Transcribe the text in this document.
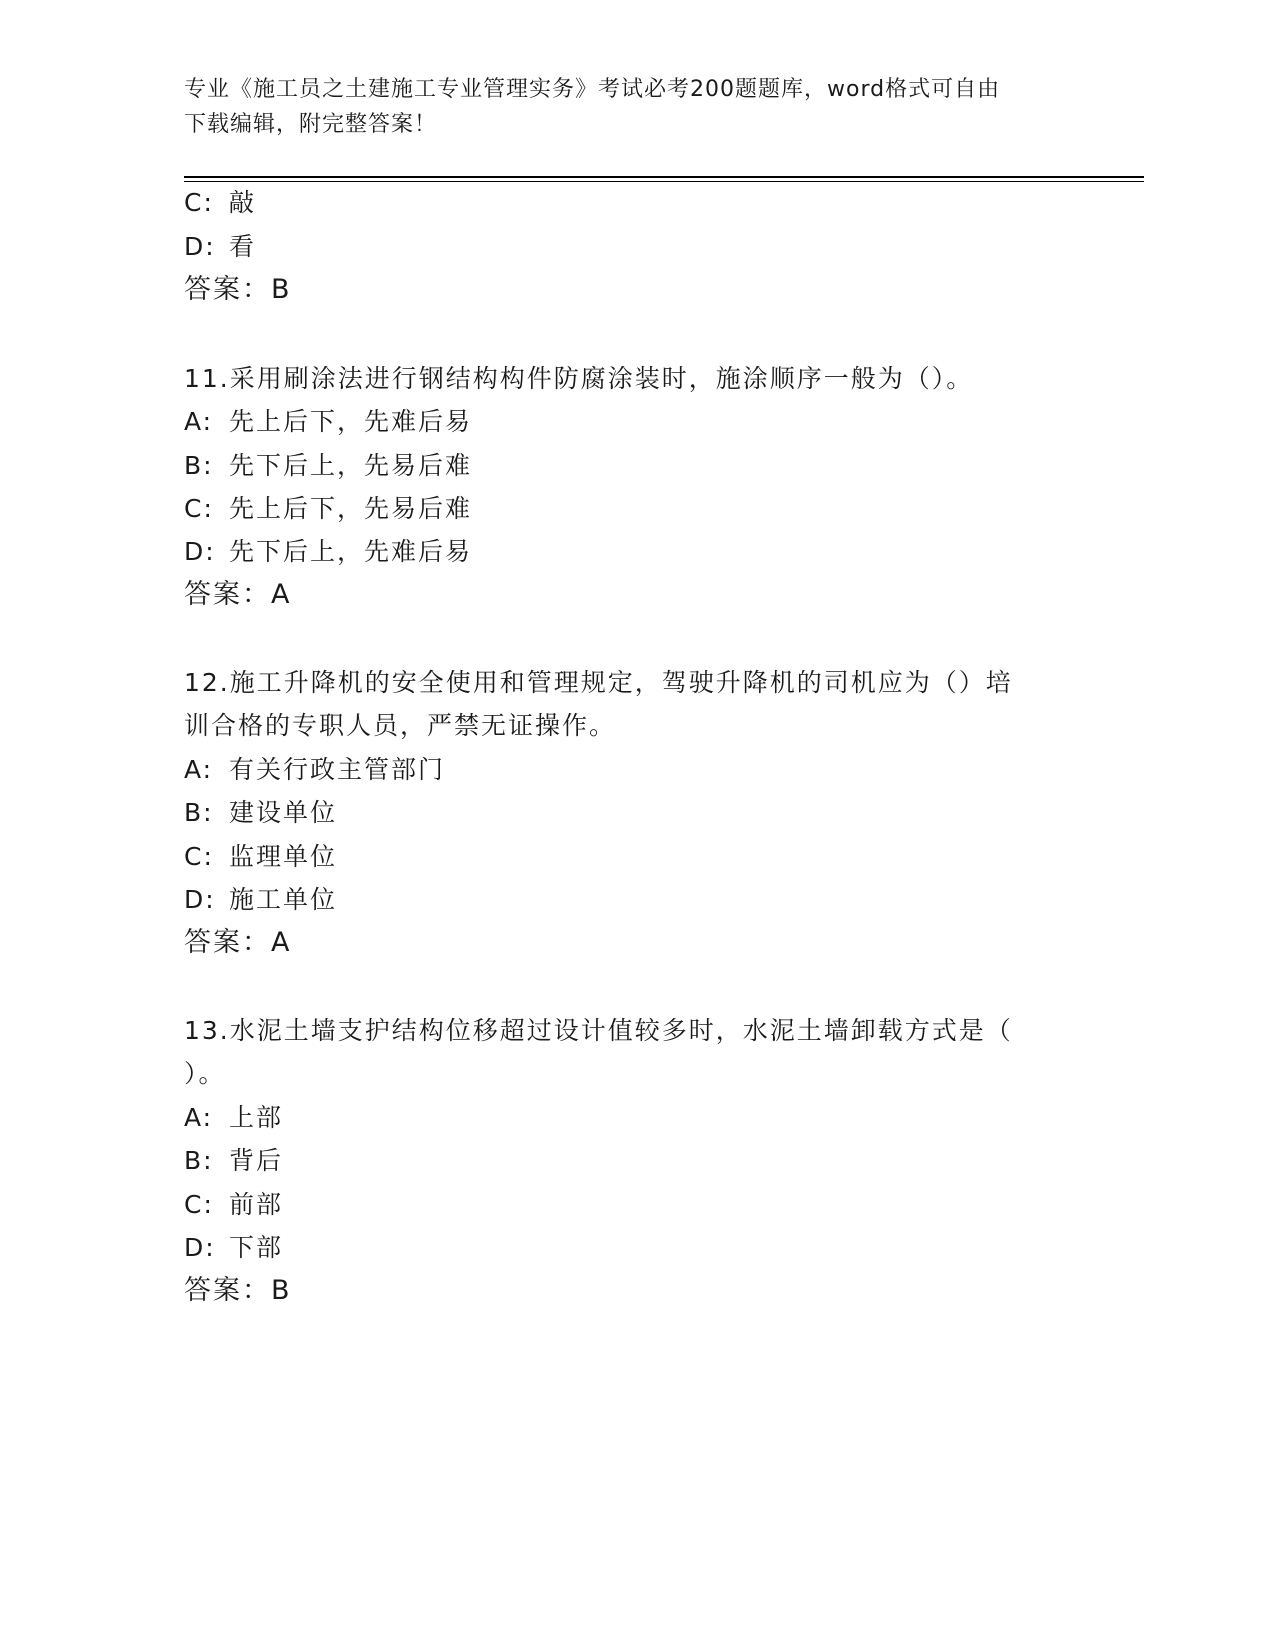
专业《施工员之土建施工专业管理实务》考试必考200题题库，word格式可自由
下载编辑，附完整答案！
C: 敲
D: 看
答案：B
11.采用刷涂法进行钢结构构件防腐涂装时，施涂顺序一般为（）。
A: 先上后下，先难后易
B: 先下后上，先易后难
C: 先上后下，先易后难
D: 先下后上，先难后易
答案：A
12.施工升降机的安全使用和管理规定，驾驶升降机的司机应为（）培
训合格的专职人员，严禁无证操作。
A: 有关行政主管部门
B: 建设单位
C: 监理单位
D: 施工单位
答案：A
13.水泥土墙支护结构位移超过设计值较多时，水泥土墙卸载方式是（
）。
A: 上部
B: 背后
C: 前部
D: 下部
答案：B
